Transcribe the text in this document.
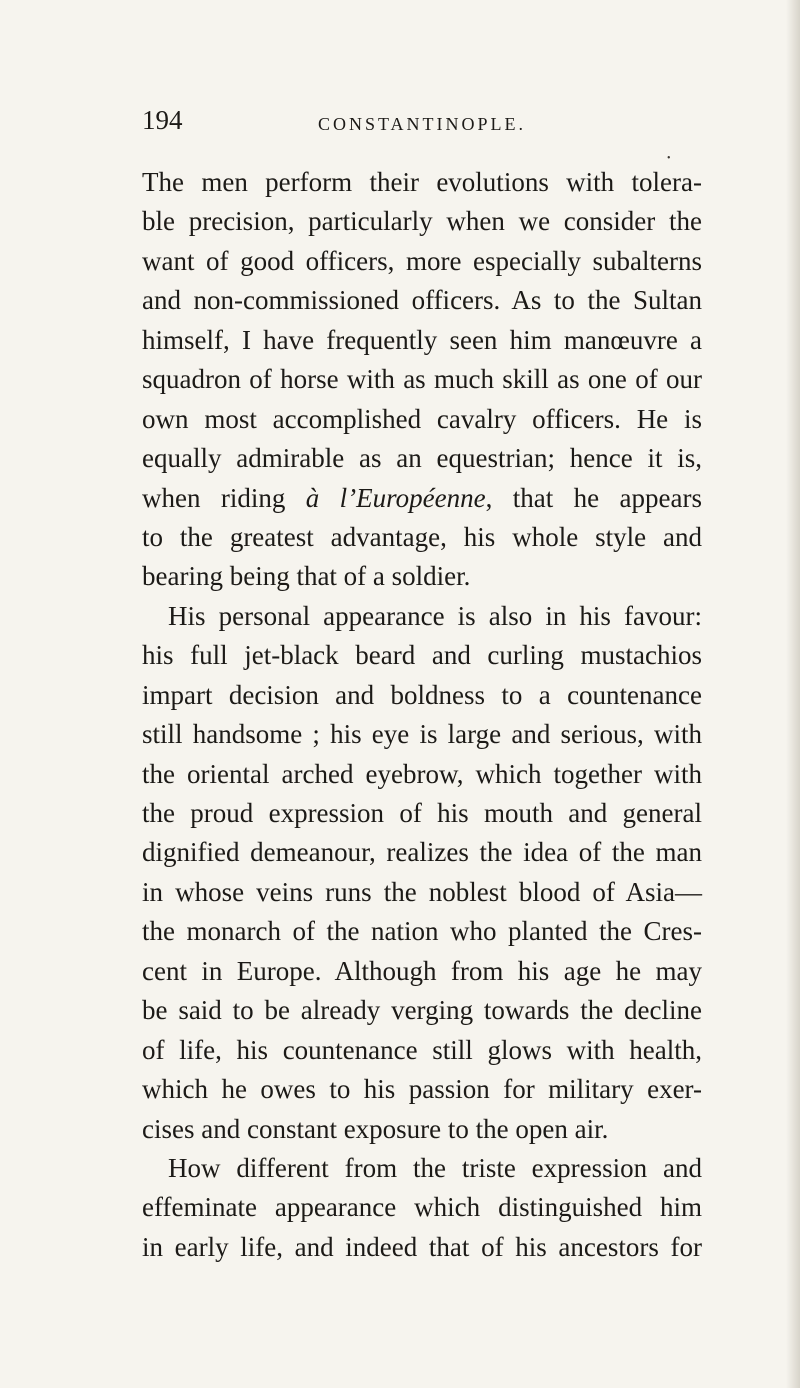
194	CONSTANTINOPLE.
•
The men perform their evolutions with tolera-
ble precision, particularly when we consider the
want of good officers, more especially subalterns
and non-commissioned officers. As to the Sultan
himself, I have frequently seen him manœuvre a
squadron of horse with as much skill as one of our
own most accomplished cavalry officers. He is
equally admirable as an equestrian; hence it is,
when riding à l’Européenne, that he appears
to the greatest advantage, his whole style and
bearing being that of a soldier.
His personal appearance is also in his favour:
his full jet-black beard and curling mustachios
impart decision and boldness to a countenance
still handsome ; his eye is large and serious, with
the oriental arched eyebrow, which together with
the proud expression of his mouth and general
dignified demeanour, realizes the idea of the man
in whose veins runs the noblest blood of Asia—
the monarch of the nation who planted the Cres-
cent in Europe. Although from his age he may
be said to be already verging towards the decline
of life, his countenance still glows with health,
which he owes to his passion for military exer-
cises and constant exposure to the open air.
How different from the triste expression and
effeminate appearance which distinguished him
in early life, and indeed that of his ancestors for
